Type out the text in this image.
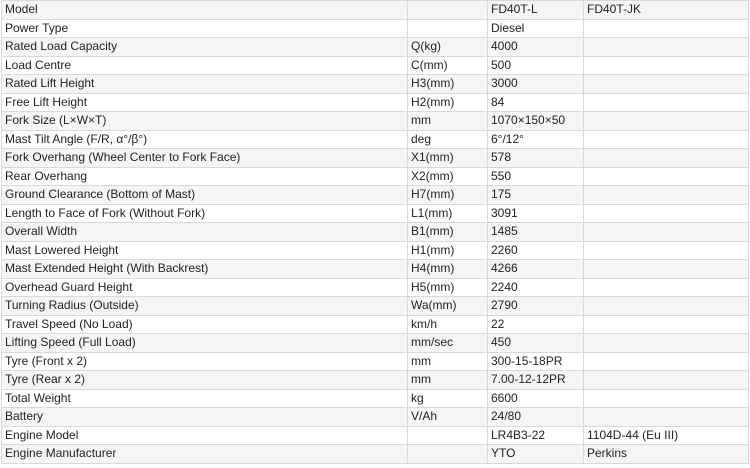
Model		FD40T-L	FD40T-JK
Power Type		Diesel	
Rated Load Capacity	Q(kg)	4000	
Load Centre	C(mm)	500	
Rated Lift Height	H3(mm)	3000	
Free Lift Height	H2(mm)	84	
Fork Size (L×W×T)	mm	1070×150×50	
Mast Tilt Angle (F/R, α°/β°)	deg	6°/12°	
Fork Overhang (Wheel Center to Fork Face)	X1(mm)	578	
Rear Overhang	X2(mm)	550	
Ground Clearance (Bottom of Mast)	H7(mm)	175	
Length to Face of Fork (Without Fork)	L1(mm)	3091	
Overall Width	B1(mm)	1485	
Mast Lowered Height	H1(mm)	2260	
Mast Extended Height (With Backrest)	H4(mm)	4266	
Overhead Guard Height	H5(mm)	2240	
Turning Radius (Outside)	Wa(mm)	2790	
Travel Speed (No Load)	km/h	22	
Lifting Speed (Full Load)	mm/sec	450	
Tyre (Front x 2)	mm	300-15-18PR	
Tyre (Rear x 2)	mm	7.00-12-12PR	
Total Weight	kg	6600	
Battery	V/Ah	24/80	
Engine Model		LR4B3-22	1104D-44 (Eu III)
Engine Manufacturer		YTO	Perkins
